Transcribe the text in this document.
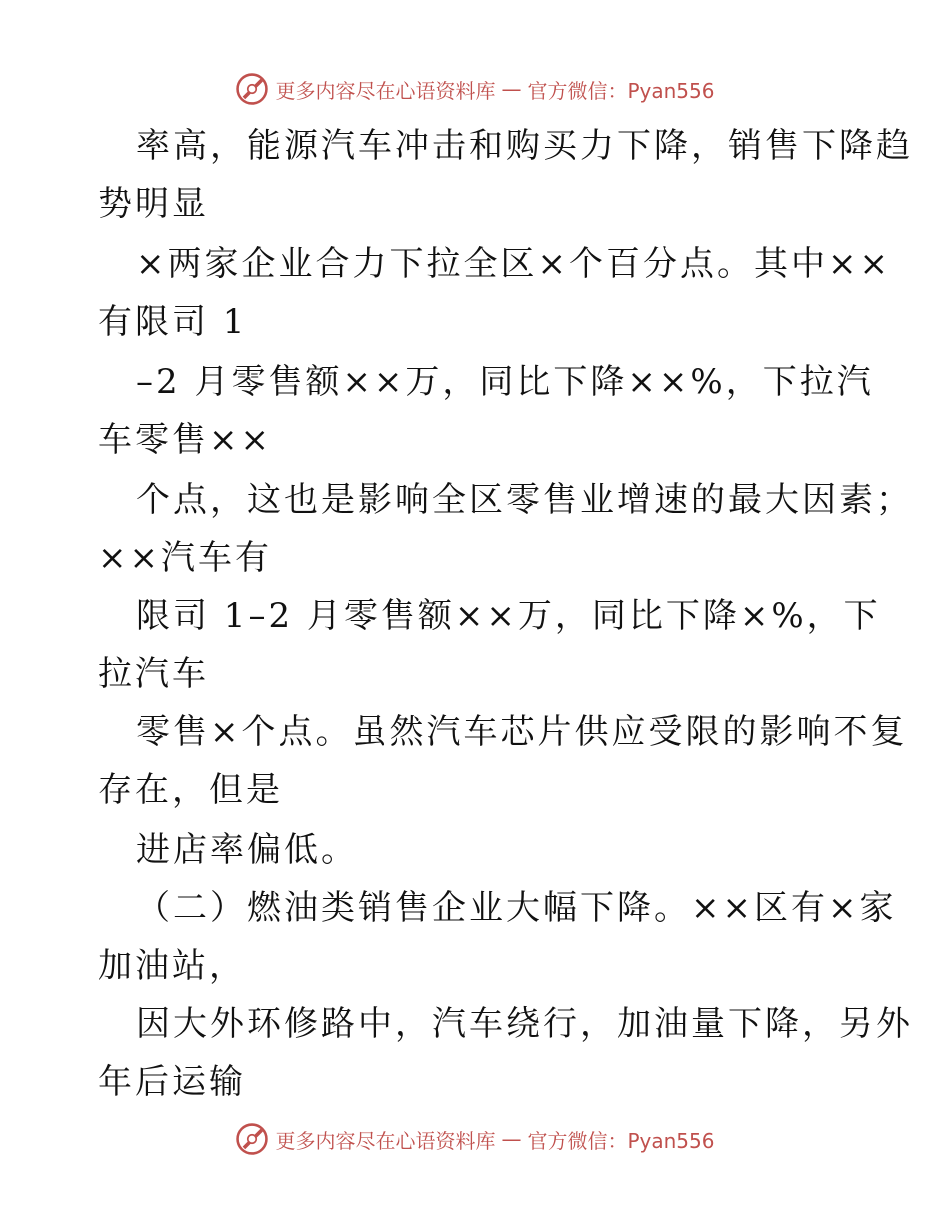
更多内容尽在心语资料库 — 官方微信：Pyan556
率高，能源汽车冲击和购买力下降，销售下降趋
势明显
×两家企业合力下拉全区×个百分点。其中××
有限司 1
–2 月零售额××万，同比下降××%，下拉汽
车零售××
个点，这也是影响全区零售业增速的最大因素；
××汽车有
限司 1–2 月零售额××万，同比下降×%，下
拉汽车
零售×个点。虽然汽车芯片供应受限的影响不复
存在，但是
进店率偏低。
（二）燃油类销售企业大幅下降。××区有×家
加油站，
因大外环修路中，汽车绕行，加油量下降，另外
年后运输
更多内容尽在心语资料库 — 官方微信：Pyan556
